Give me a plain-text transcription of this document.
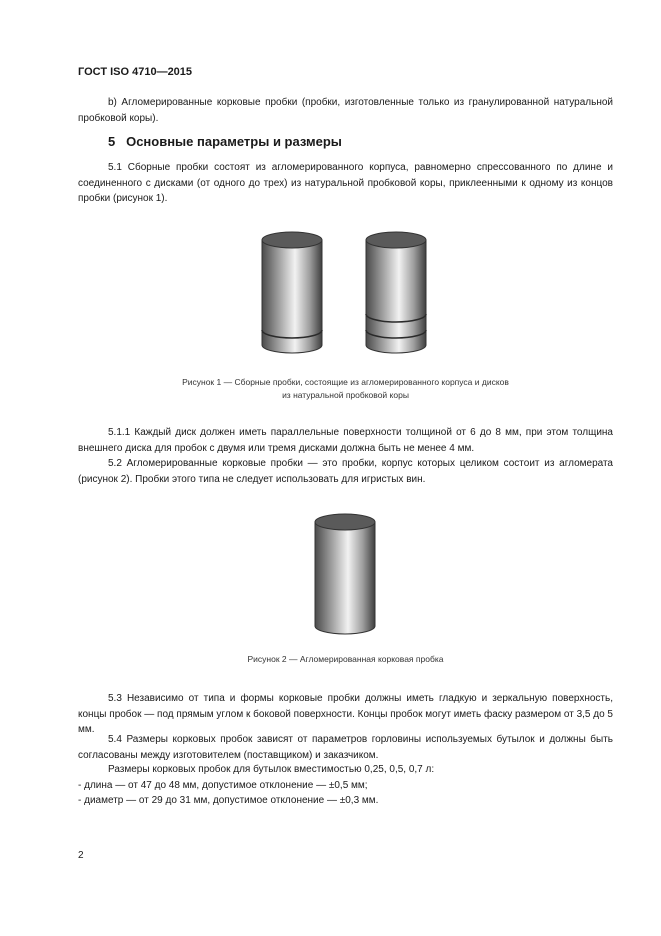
ГОСТ ISO 4710—2015
b) Агломерированные корковые пробки (пробки, изготовленные только из гранулированной натуральной пробковой коры).
5 Основные параметры и размеры
5.1 Сборные пробки состоят из агломерированного корпуса, равномерно спрессованного по длине и соединенного с дисками (от одного до трех) из натуральной пробковой коры, приклеенными к одному из концов пробки (рисунок 1).
Рисунок 1 — Сборные пробки, состоящие из агломерированного корпуса и дисков
из натуральной пробковой коры
5.1.1 Каждый диск должен иметь параллельные поверхности толщиной от 6 до 8 мм, при этом толщина внешнего диска для пробок с двумя или тремя дисками должна быть не менее 4 мм.
5.2 Агломерированные корковые пробки — это пробки, корпус которых целиком состоит из агломерата (рисунок 2). Пробки этого типа не следует использовать для игристых вин.
Рисунок 2 — Агломерированная корковая пробка
5.3 Независимо от типа и формы корковые пробки должны иметь гладкую и зеркальную поверхность, концы пробок — под прямым углом к боковой поверхности. Концы пробок могут иметь фаску размером от 3,5 до 5 мм.
5.4 Размеры корковых пробок зависят от параметров горловины используемых бутылок и должны быть согласованы между изготовителем (поставщиком) и заказчиком.
Размеры корковых пробок для бутылок вместимостью 0,25, 0,5, 0,7 л:
- длина — от 47 до 48 мм, допустимое отклонение — ±0,5 мм;
- диаметр — от 29 до 31 мм, допустимое отклонение — ±0,3 мм.
2
